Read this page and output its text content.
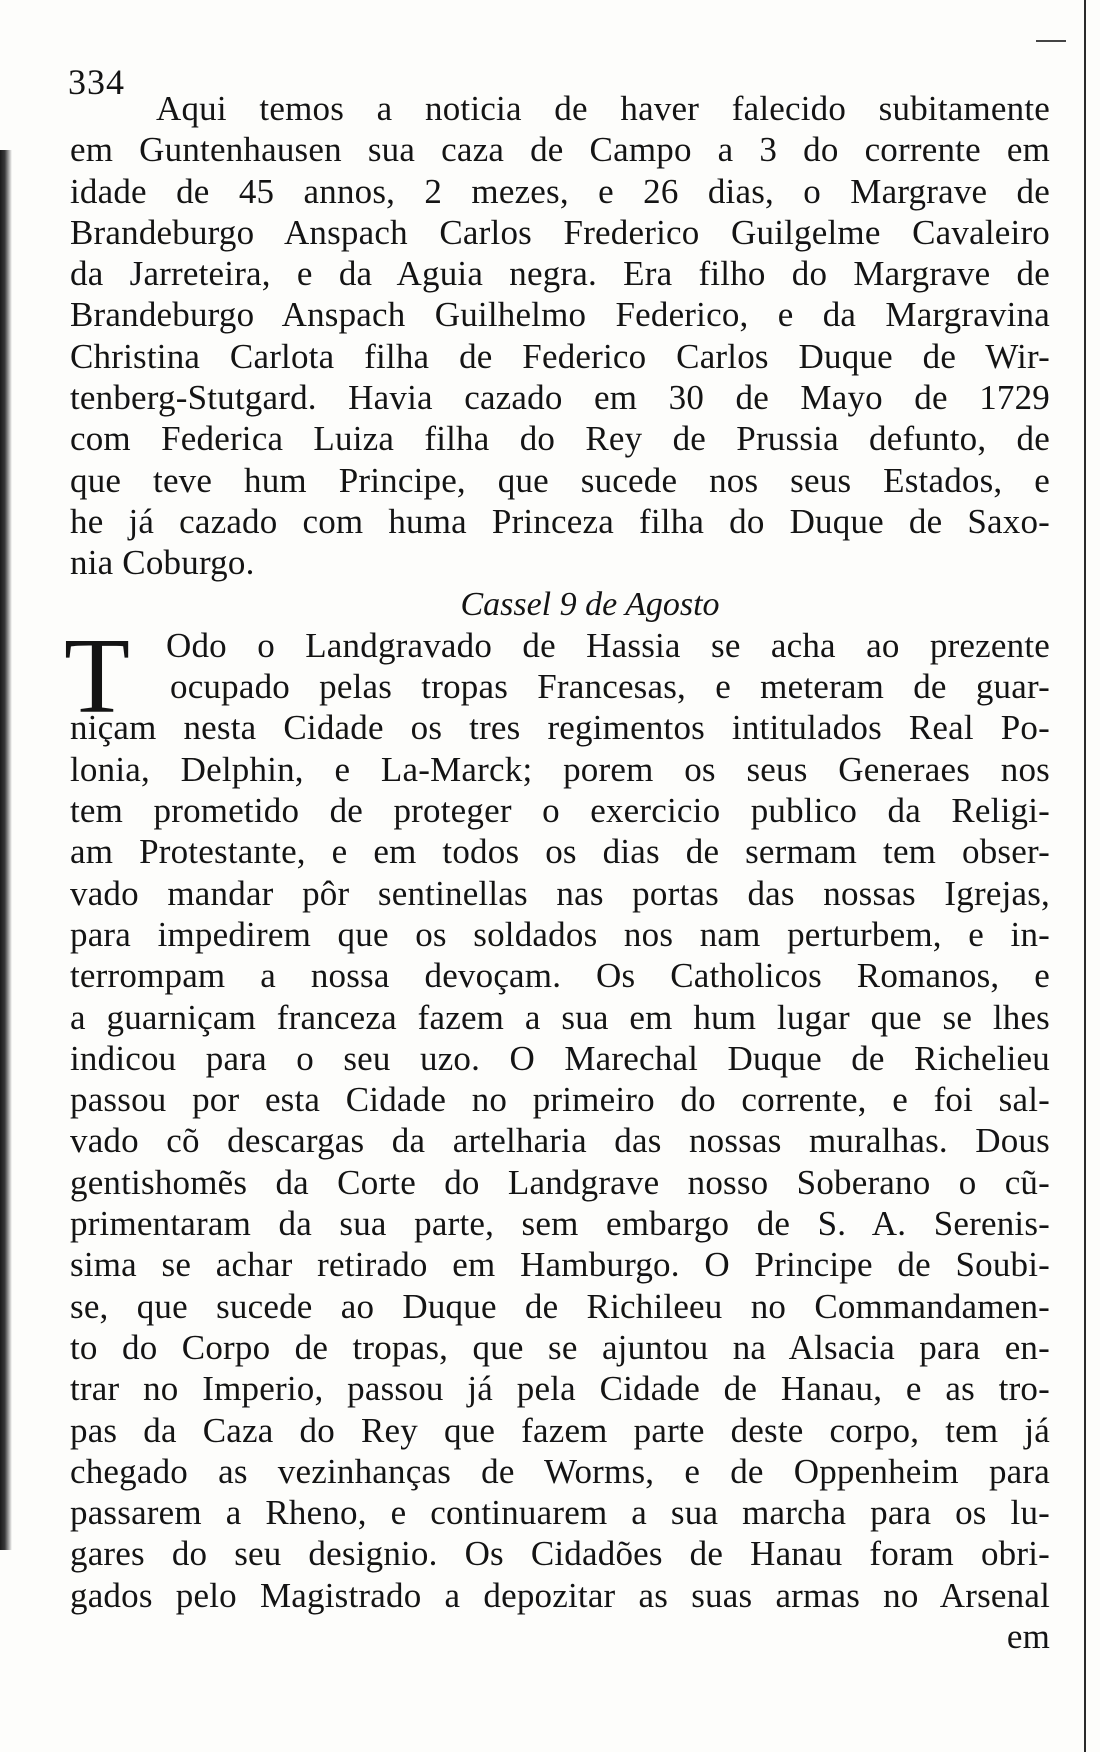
334
Aqui temos a noticia de haver falecido subitamente
em Guntenhausen sua caza de Campo a 3 do corrente em
idade de 45 annos, 2 mezes, e 26 dias, o Margrave de
Brandeburgo Anspach Carlos Frederico Guilgelme Cavaleiro
da Jarreteira, e da Aguia negra. Era filho do Margrave de
Brandeburgo Anspach Guilhelmo Federico, e da Margravina
Christina Carlota filha de Federico Carlos Duque de Wir-
tenberg-Stutgard. Havia cazado em 30 de Mayo de 1729
com Federica Luiza filha do Rey de Prussia defunto, de
que teve hum Principe, que sucede nos seus Estados, e
he já cazado com huma Princeza filha do Duque de Saxo-
nia Coburgo.
Cassel 9 de Agosto
T	Odo o Landgravado de Hassia se acha ao prezente
ocupado pelas tropas Francesas, e meteram de guar-
niçam nesta Cidade os tres regimentos intitulados Real Po-
lonia, Delphin, e La-Marck; porem os seus Generaes nos
tem prometido de proteger o exercicio publico da Religi-
am Protestante, e em todos os dias de sermam tem obser-
vado mandar pôr sentinellas nas portas das nossas Igrejas,
para impedirem que os soldados nos nam perturbem, e in-
terrompam a nossa devoçam. Os Catholicos Romanos, e
a guarniçam franceza fazem a sua em hum lugar que se lhes
indicou para o seu uzo. O Marechal Duque de Richelieu
passou por esta Cidade no primeiro do corrente, e foi sal-
vado cõ descargas da artelharia das nossas muralhas. Dous
gentishomẽs da Corte do Landgrave nosso Soberano o cũ-
primentaram da sua parte, sem embargo de S. A. Serenis-
sima se achar retirado em Hamburgo. O Principe de Soubi-
se, que sucede ao Duque de Richileeu no Commandamen-
to do Corpo de tropas, que se ajuntou na Alsacia para en-
trar no Imperio, passou já pela Cidade de Hanau, e as tro-
pas da Caza do Rey que fazem parte deste corpo, tem já
chegado as vezinhanças de Worms, e de Oppenheim para
passarem a Rheno, e continuarem a sua marcha para os lu-
gares do seu designio. Os Cidadões de Hanau foram obri-
gados pelo Magistrado a depozitar as suas armas no Arsenal
em
